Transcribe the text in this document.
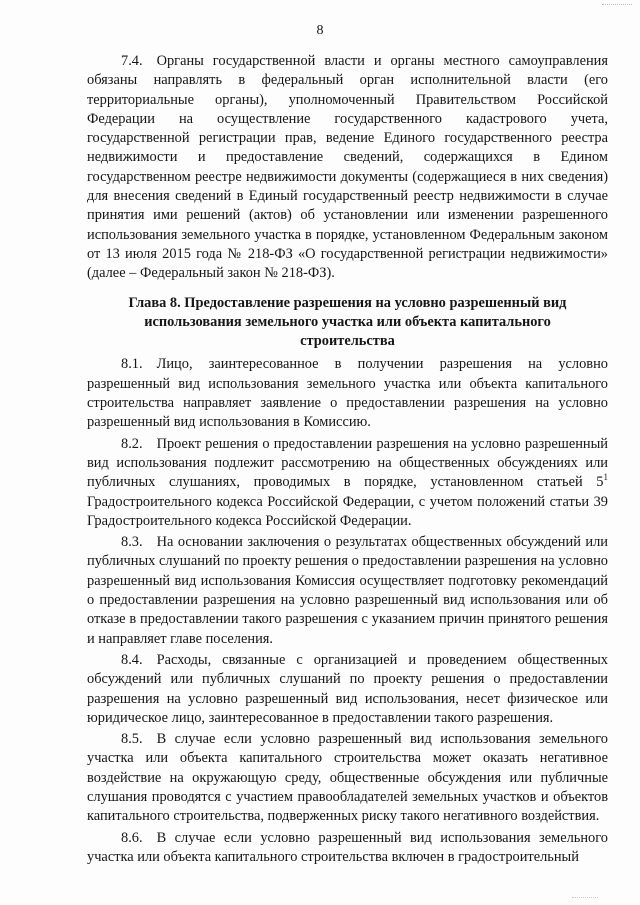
8

7.4. Органы государственной власти и органы местного самоуправления обязаны направлять в федеральный орган исполнительной власти (его территориальные органы), уполномоченный Правительством Российской Федерации на осуществление государственного кадастрового учета, государственной регистрации прав, ведение Единого государственного реестра недвижимости и предоставление сведений, содержащихся в Едином государственном реестре недвижимости документы (содержащиеся в них сведения) для внесения сведений в Единый государственный реестр недвижимости в случае принятия ими решений (актов) об установлении или изменении разрешенного использования земельного участка в порядке, установленном Федеральным законом от 13 июля 2015 года № 218-ФЗ «О государственной регистрации недвижимости» (далее – Федеральный закон № 218-ФЗ).

Глава 8. Предоставление разрешения на условно разрешенный вид
использования земельного участка или объекта капитального
строительства

8.1. Лицо, заинтересованное в получении разрешения на условно разрешенный вид использования земельного участка или объекта капитального строительства направляет заявление о предоставлении разрешения на условно разрешенный вид использования в Комиссию.

8.2. Проект решения о предоставлении разрешения на условно разрешенный вид использования подлежит рассмотрению на общественных обсуждениях или публичных слушаниях, проводимых в порядке, установленном статьей $5^1$ Градостроительного кодекса Российской Федерации, с учетом положений статьи 39 Градостроительного кодекса Российской Федерации.

8.3. На основании заключения о результатах общественных обсуждений или публичных слушаний по проекту решения о предоставлении разрешения на условно разрешенный вид использования Комиссия осуществляет подготовку рекомендаций о предоставлении разрешения на условно разрешенный вид использования или об отказе в предоставлении такого разрешения с указанием причин принятого решения и направляет главе поселения.

8.4. Расходы, связанные с организацией и проведением общественных обсуждений или публичных слушаний по проекту решения о предоставлении разрешения на условно разрешенный вид использования, несет физическое или юридическое лицо, заинтересованное в предоставлении такого разрешения.

8.5. В случае если условно разрешенный вид использования земельного участка или объекта капитального строительства может оказать негативное воздействие на окружающую среду, общественные обсуждения или публичные слушания проводятся с участием правообладателей земельных участков и объектов капитального строительства, подверженных риску такого негативного воздействия.

8.6. В случае если условно разрешенный вид использования земельного участка или объекта капитального строительства включен в градостроительный
